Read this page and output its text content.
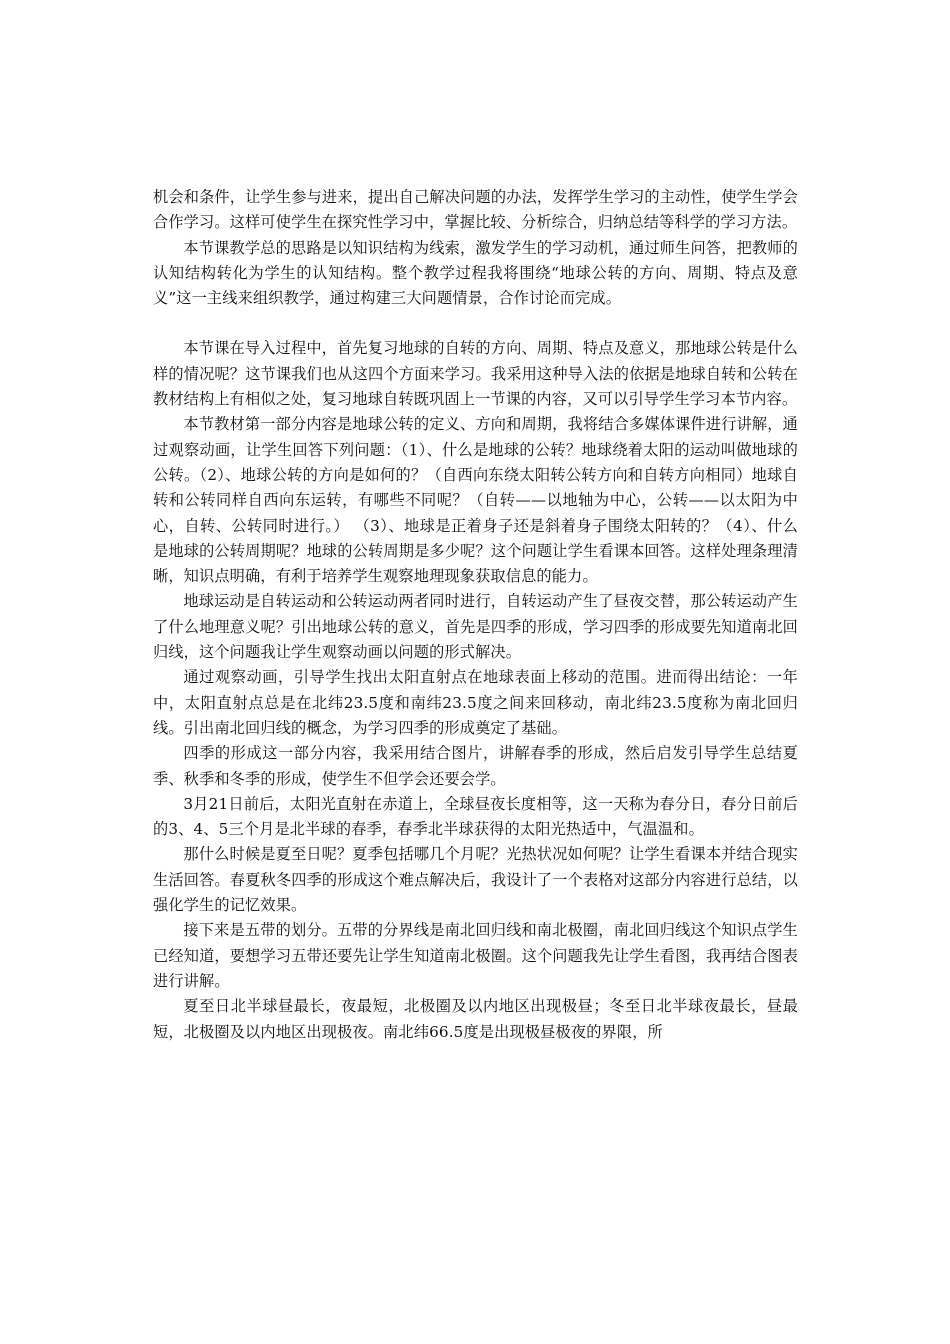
机会和条件，让学生参与进来，提出自己解决问题的办法，发挥学生学习的主动性，使学生学会合作学习。这样可使学生在探究性学习中，掌握比较、分析综合，归纳总结等科学的学习方法。

本节课教学总的思路是以知识结构为线索，激发学生的学习动机，通过师生问答，把教师的认知结构转化为学生的认知结构。整个教学过程我将围绕“地球公转的方向、周期、特点及意义”这一主线来组织教学，通过构建三大问题情景，合作讨论而完成。

本节课在导入过程中，首先复习地球的自转的方向、周期、特点及意义，那地球公转是什么样的情况呢？这节课我们也从这四个方面来学习。我采用这种导入法的依据是地球自转和公转在教材结构上有相似之处，复习地球自转既巩固上一节课的内容，又可以引导学生学习本节内容。

本节教材第一部分内容是地球公转的定义、方向和周期，我将结合多媒体课件进行讲解，通过观察动画，让学生回答下列问题：（1）、什么是地球的公转？地球绕着太阳的运动叫做地球的公转。（2）、地球公转的方向是如何的？（自西向东绕太阳转公转方向和自转方向相同）地球自转和公转同样自西向东运转，有哪些不同呢？（自转——以地轴为中心，公转——以太阳为中心，自转、公转同时进行。） （3）、地球是正着身子还是斜着身子围绕太阳转的？（4）、什么是地球的公转周期呢？地球的公转周期是多少呢？这个问题让学生看课本回答。这样处理条理清晰，知识点明确，有利于培养学生观察地理现象获取信息的能力。

地球运动是自转运动和公转运动两者同时进行，自转运动产生了昼夜交替，那公转运动产生了什么地理意义呢？引出地球公转的意义，首先是四季的形成，学习四季的形成要先知道南北回归线，这个问题我让学生观察动画以问题的形式解决。

通过观察动画，引导学生找出太阳直射点在地球表面上移动的范围。进而得出结论：一年中，太阳直射点总是在北纬23.5度和南纬23.5度之间来回移动，南北纬23.5度称为南北回归线。引出南北回归线的概念，为学习四季的形成奠定了基础。

四季的形成这一部分内容，我采用结合图片，讲解春季的形成，然后启发引导学生总结夏季、秋季和冬季的形成，使学生不但学会还要会学。

3月21日前后，太阳光直射在赤道上，全球昼夜长度相等，这一天称为春分日，春分日前后的3、4、5三个月是北半球的春季，春季北半球获得的太阳光热适中，气温温和。

那什么时候是夏至日呢？夏季包括哪几个月呢？光热状况如何呢？让学生看课本并结合现实生活回答。春夏秋冬四季的形成这个难点解决后，我设计了一个表格对这部分内容进行总结，以强化学生的记忆效果。

接下来是五带的划分。五带的分界线是南北回归线和南北极圈，南北回归线这个知识点学生已经知道，要想学习五带还要先让学生知道南北极圈。这个问题我先让学生看图，我再结合图表进行讲解。

夏至日北半球昼最长，夜最短，北极圈及以内地区出现极昼；冬至日北半球夜最长，昼最短，北极圈及以内地区出现极夜。南北纬66.5度是出现极昼极夜的界限，所
